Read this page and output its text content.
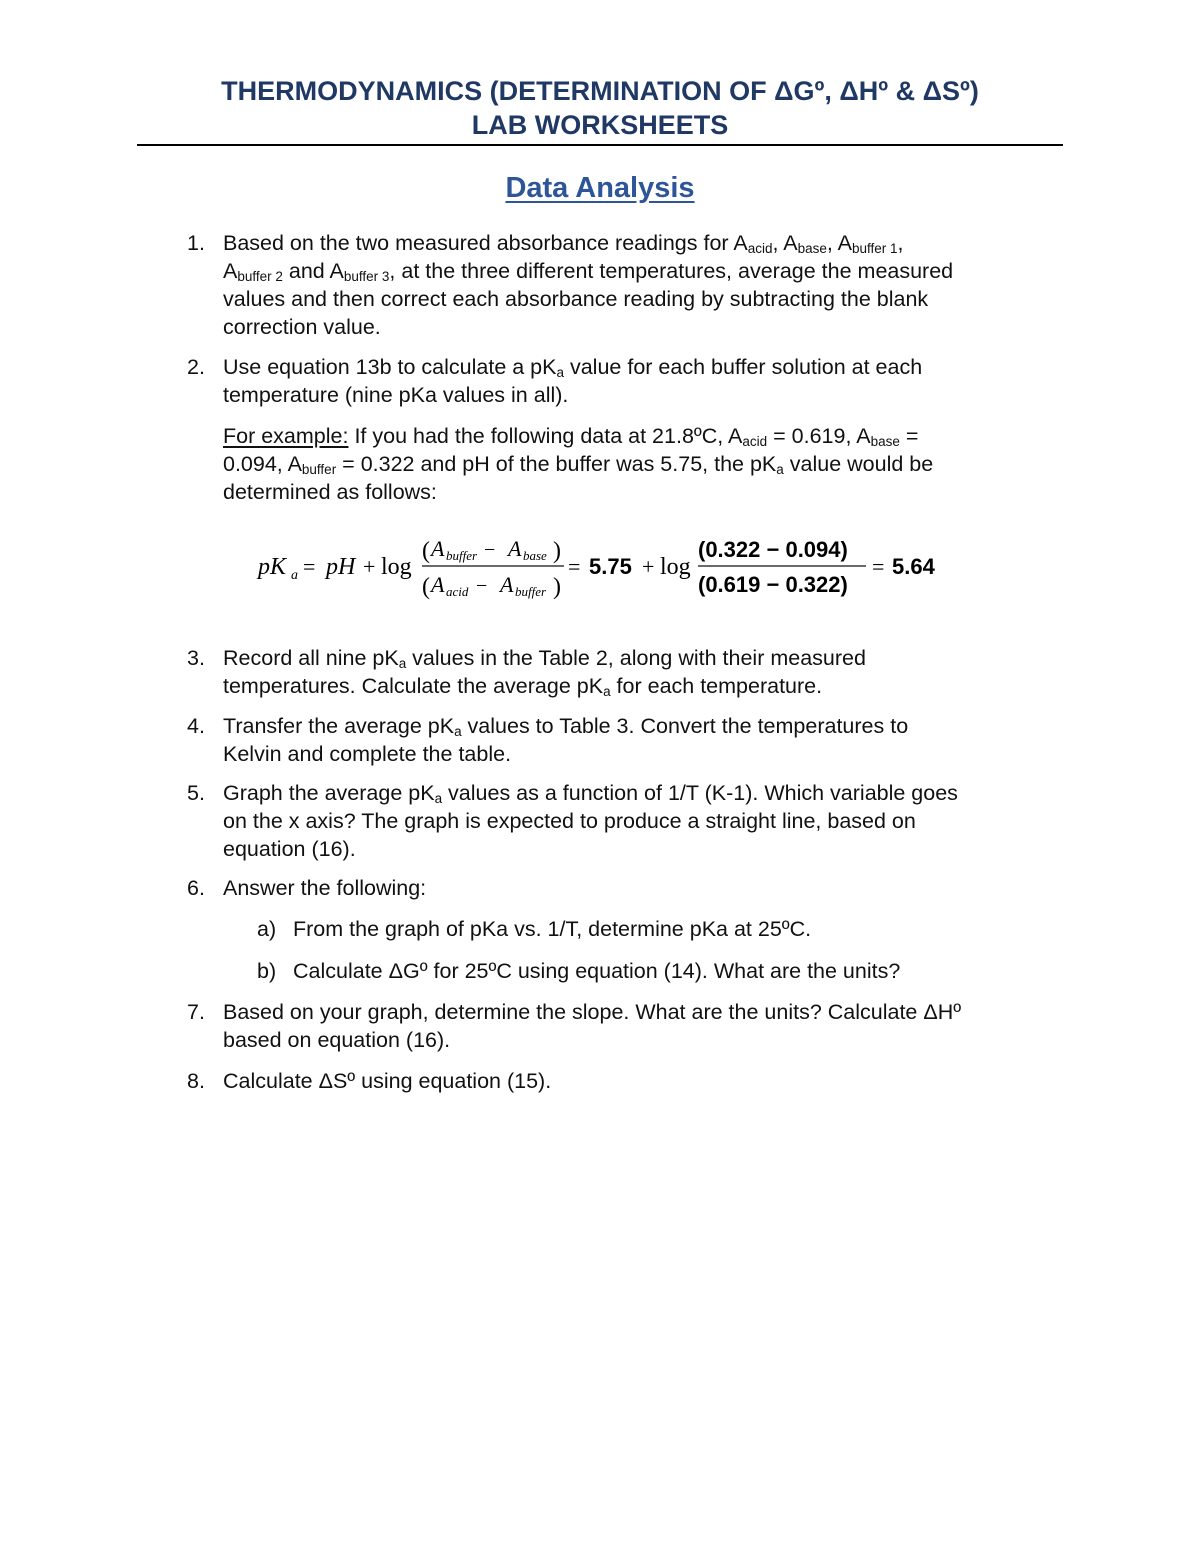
THERMODYNAMICS (DETERMINATION OF ΔGº, ΔHº & ΔSº)
LAB WORKSHEETS
Data Analysis
1. Based on the two measured absorbance readings for $A_{acid}$, $A_{base}$, $A_{buffer 1}$,
$A_{buffer 2}$ and $A_{buffer 3}$, at the three different temperatures, average the measured
values and then correct each absorbance reading by subtracting the blank
correction value.
2. Use equation 13b to calculate a $pK_a$ value for each buffer solution at each
temperature (nine pKa values in all).
For example: If you had the following data at 21.8ºC, $A_{acid} = 0.619$, $A_{base}$ =
0.094, $A_{buffer} = 0.322$ and pH of the buffer was 5.75, the $pK_a$ value would be
determined as follows:
pK a = pH + log
( A buffer − A base )
( A acid − A buffer )
= 5.75 + log
(0.322 − 0.094)
(0.619 − 0.322)
= 5.64
3. Record all nine $pK_a$ values in the Table 2, along with their measured
temperatures. Calculate the average $pK_a$ for each temperature.
4. Transfer the average $pK_a$ values to Table 3. Convert the temperatures to
Kelvin and complete the table.
5. Graph the average $pK_a$ values as a function of 1/T (K-1). Which variable goes
on the x axis? The graph is expected to produce a straight line, based on
equation (16).
6. Answer the following:
a) From the graph of pKa vs. 1/T, determine pKa at 25ºC.
b) Calculate ΔGº for 25ºC using equation (14). What are the units?
7. Based on your graph, determine the slope. What are the units? Calculate ΔHº
based on equation (16).
8. Calculate ΔSº using equation (15).
